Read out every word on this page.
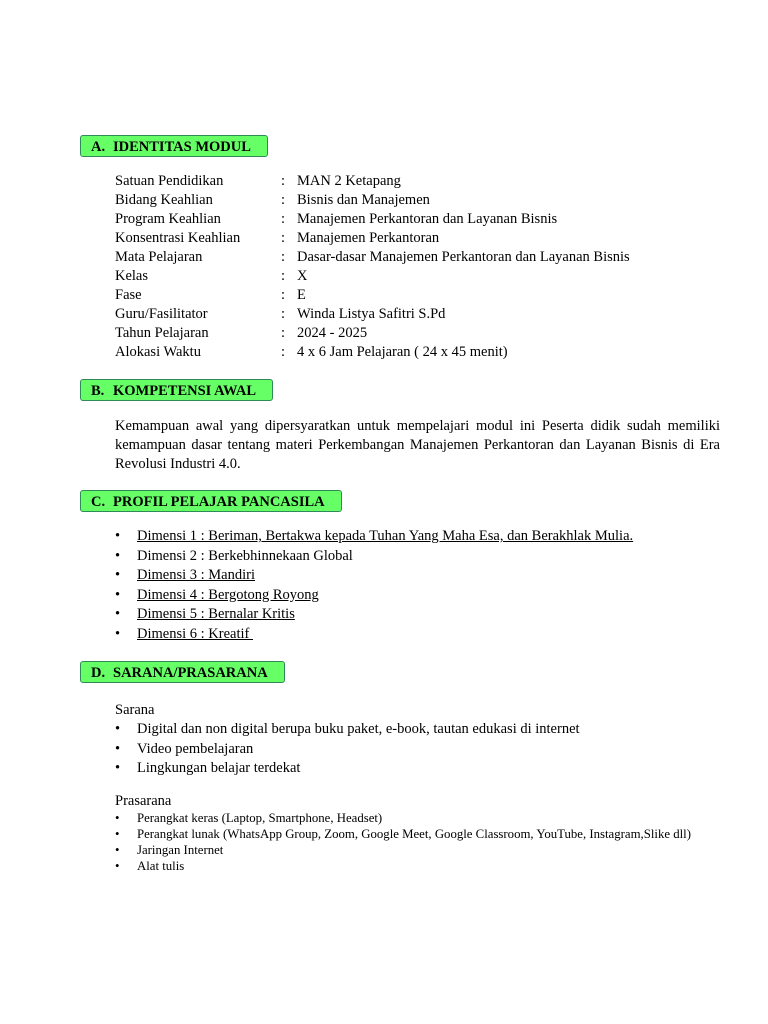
A. IDENTITAS MODUL
Satuan Pendidikan	: MAN 2 Ketapang
Bidang Keahlian	: Bisnis dan Manajemen
Program Keahlian	: Manajemen Perkantoran dan Layanan Bisnis
Konsentrasi Keahlian	: Manajemen Perkantoran
Mata Pelajaran	: Dasar-dasar Manajemen Perkantoran dan Layanan Bisnis
Kelas	: X
Fase	: E
Guru/Fasilitator	: Winda Listya Safitri S.Pd
Tahun Pelajaran	: 2024 - 2025
Alokasi Waktu	: 4 x 6 Jam Pelajaran ( 24 x 45 menit)
B. KOMPETENSI AWAL
Kemampuan awal yang dipersyaratkan untuk mempelajari modul ini Peserta didik sudah memiliki kemampuan dasar tentang materi Perkembangan Manajemen Perkantoran dan Layanan Bisnis di Era Revolusi Industri 4.0.
C. PROFIL PELAJAR PANCASILA
• Dimensi 1 : Beriman, Bertakwa kepada Tuhan Yang Maha Esa, dan Berakhlak Mulia.
• Dimensi 2 : Berkebhinnekaan Global
• Dimensi 3 : Mandiri
• Dimensi 4 : Bergotong Royong
• Dimensi 5 : Bernalar Kritis
• Dimensi 6 : Kreatif
D. SARANA/PRASARANA
Sarana
• Digital dan non digital berupa buku paket, e-book, tautan edukasi di internet
• Video pembelajaran
• Lingkungan belajar terdekat
Prasarana
• Perangkat keras (Laptop, Smartphone, Headset)
• Perangkat lunak (WhatsApp Group, Zoom, Google Meet, Google Classroom, YouTube, Instagram,Slike dll)
• Jaringan Internet
• Alat tulis
